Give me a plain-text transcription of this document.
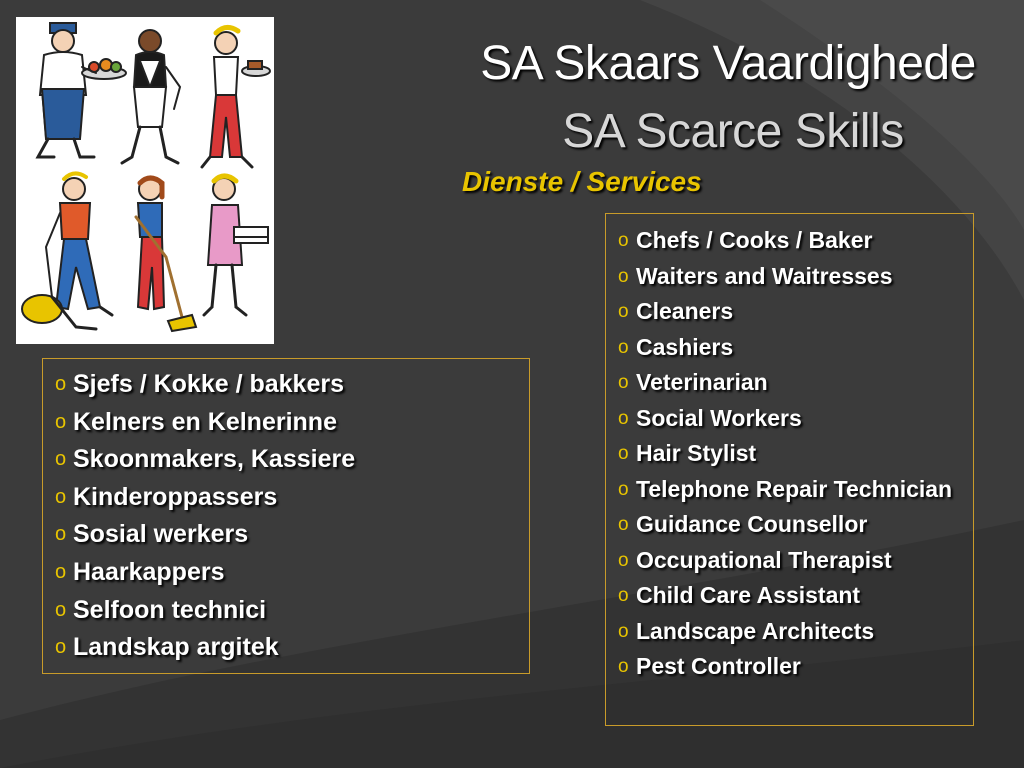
SA Skaars Vaardighede
SA Scarce Skills
Dienste / Services
o Sjefs / Kokke / bakkers
o Kelners en Kelnerinne
o Skoonmakers, Kassiere
o Kinderoppassers
o Sosial werkers
o Haarkappers
o Selfoon technici
o Landskap argitek
o Chefs / Cooks / Baker
o Waiters and Waitresses
o Cleaners
o Cashiers
o Veterinarian
o Social Workers
o Hair Stylist
o Telephone Repair Technician
o Guidance Counsellor
o Occupational Therapist
o Child Care Assistant
o Landscape Architects
o Pest Controller
